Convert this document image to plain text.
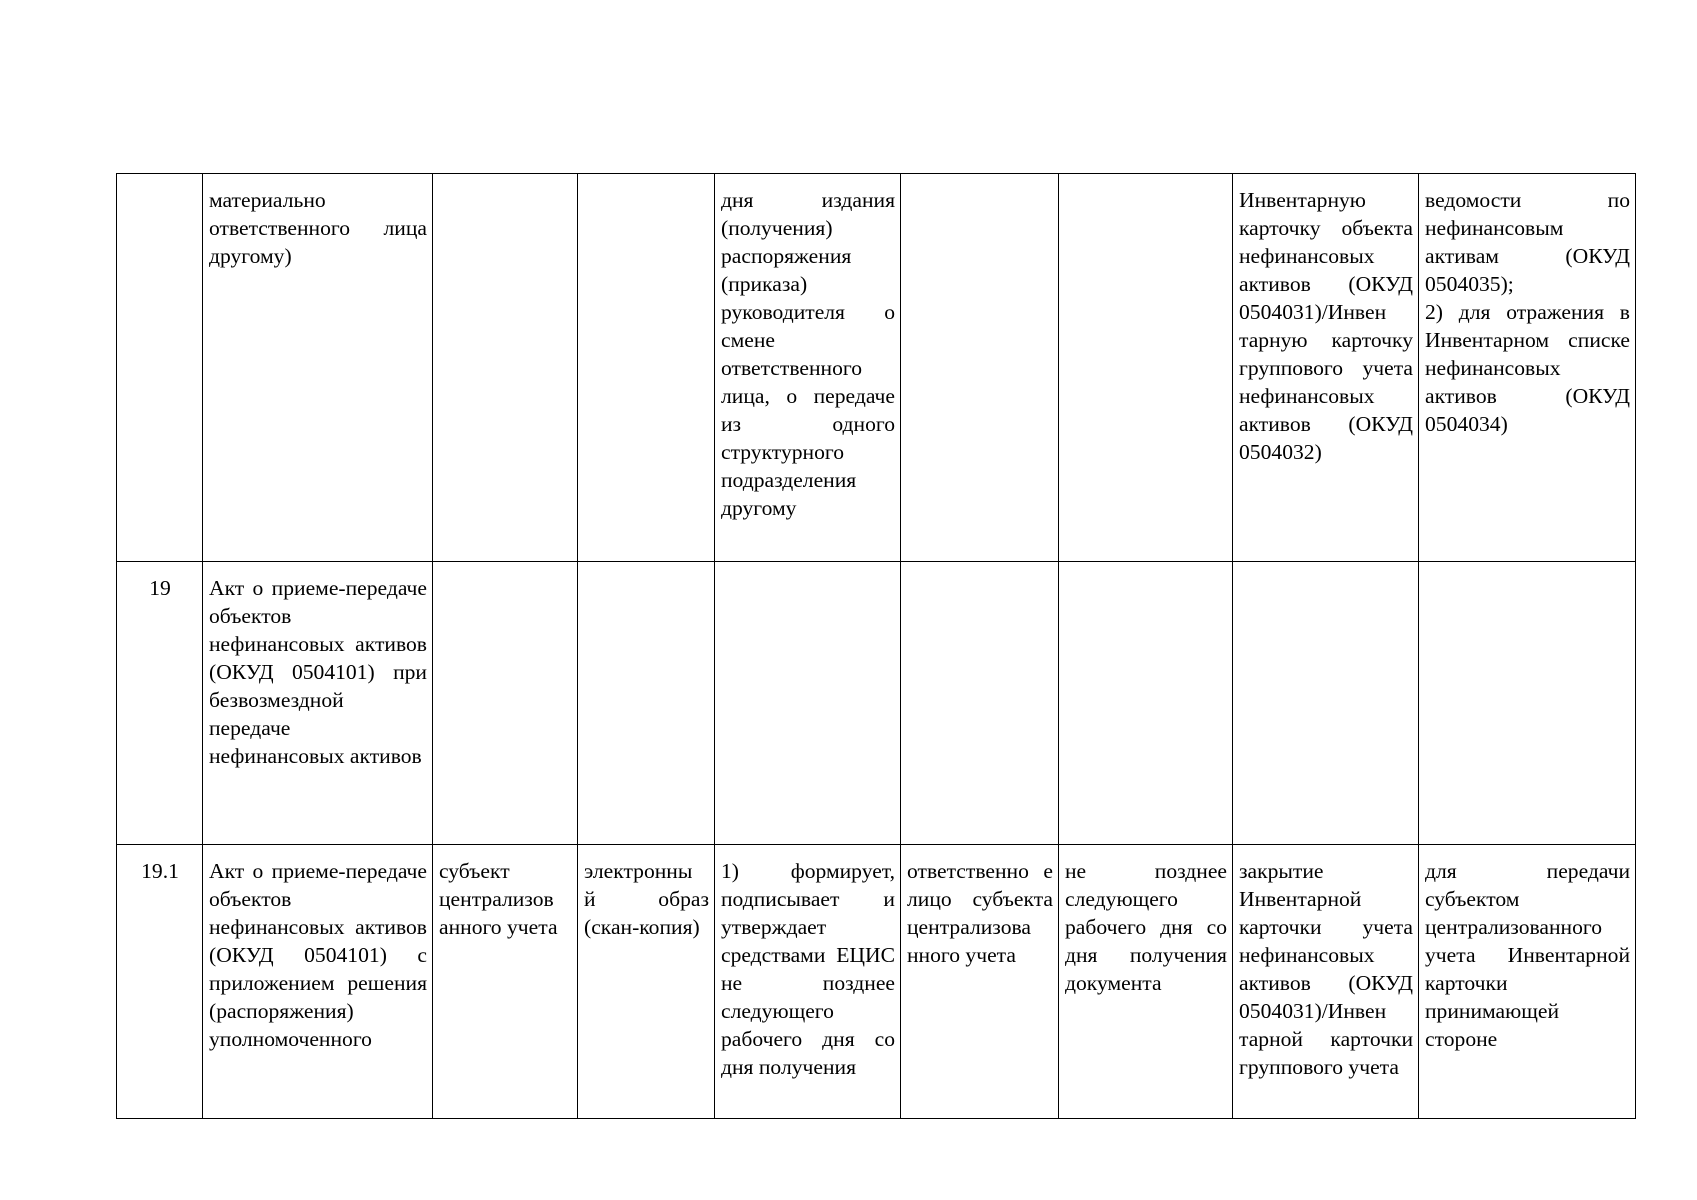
	материально ответственного лица другому)			дня издания (получения) распоряжения (приказа) руководителя о смене ответственного лица, о передаче из одного структурного подразделения другому			Инвентарную карточку объекта нефинансовых активов (ОКУД 0504031)/Инвен тарную карточку группового учета нефинансовых активов (ОКУД 0504032)	ведомости по нефинансовым активам (ОКУД 0504035);
2) для отражения в Инвентарном списке нефинансовых активов (ОКУД 0504034)
19	Акт о приеме-передаче объектов нефинансовых активов (ОКУД 0504101) при безвозмездной передаче нефинансовых активов							
19.1	Акт о приеме-передаче объектов нефинансовых активов (ОКУД 0504101) с приложением решения (распоряжения) уполномоченного	субъект централизов анного учета	электронны й образ (скан-копия)	1) формирует, подписывает и утверждает средствами ЕЦИС не позднее следующего рабочего дня со дня получения	ответственно е лицо субъекта централизова нного учета	не позднее следующего рабочего дня со дня получения документа	закрытие Инвентарной карточки учета нефинансовых активов (ОКУД 0504031)/Инвен тарной карточки группового учета	для передачи субъектом централизованного учета Инвентарной карточки принимающей стороне
